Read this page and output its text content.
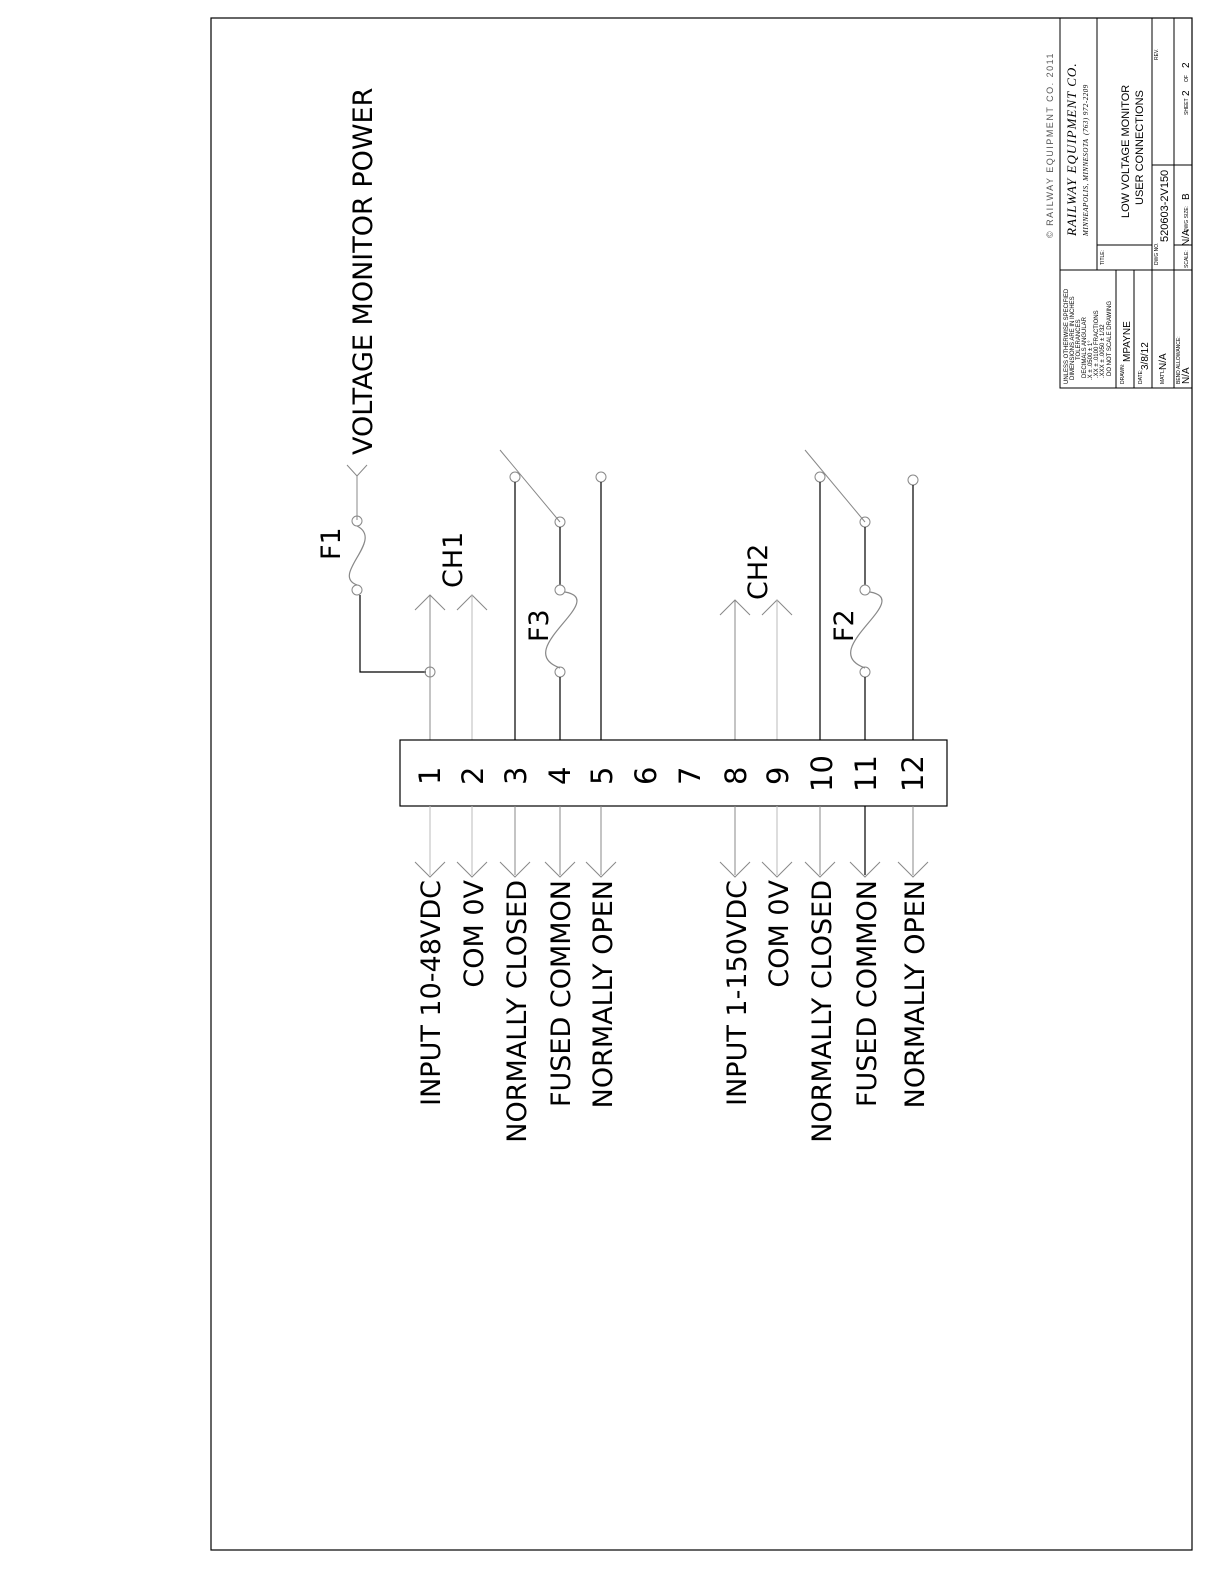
© RAILWAY EQUIPMENT CO. 2011 RAILWAY EQUIPMENT CO. MINNEAPOLIS, MINNESOTA
(763) 972-2209
TITLE:
LOW VOLTAGE MONITOR USER CONNECTIONS
DWG NO.
520603-2V150
REV.
SCALE:
N/A
DWG SIZE:
B
SHEET
2
OF
2
UNLESS OTHERWISE SPECIFIED DIMENSIONS ARE IN INCHES TOLERANCES DECIMALS ANGULAR .X ± .0500 ± 1° .XX ± .0100 FRACTIONS .XXX ± .0050 ± 1/32 DO NOT SCALE DRAWING DRAWN:
MPAYNE
DATE:
3/8/12
MAT'L:
N/A BEND ALLOWANCE: N/A
VOLTAGE MONITOR POWER
F1	CH1
F3
CH2
F2
1 2 3 4 5 6 7 8 9 10 11 12
INPUT 10-48VDC COM 0V NORMALLY CLOSED FUSED COMMON NORMALLY OPEN	INPUT 1-150VDC COM 0V NORMALLY CLOSED FUSED COMMON NORMALLY OPEN
